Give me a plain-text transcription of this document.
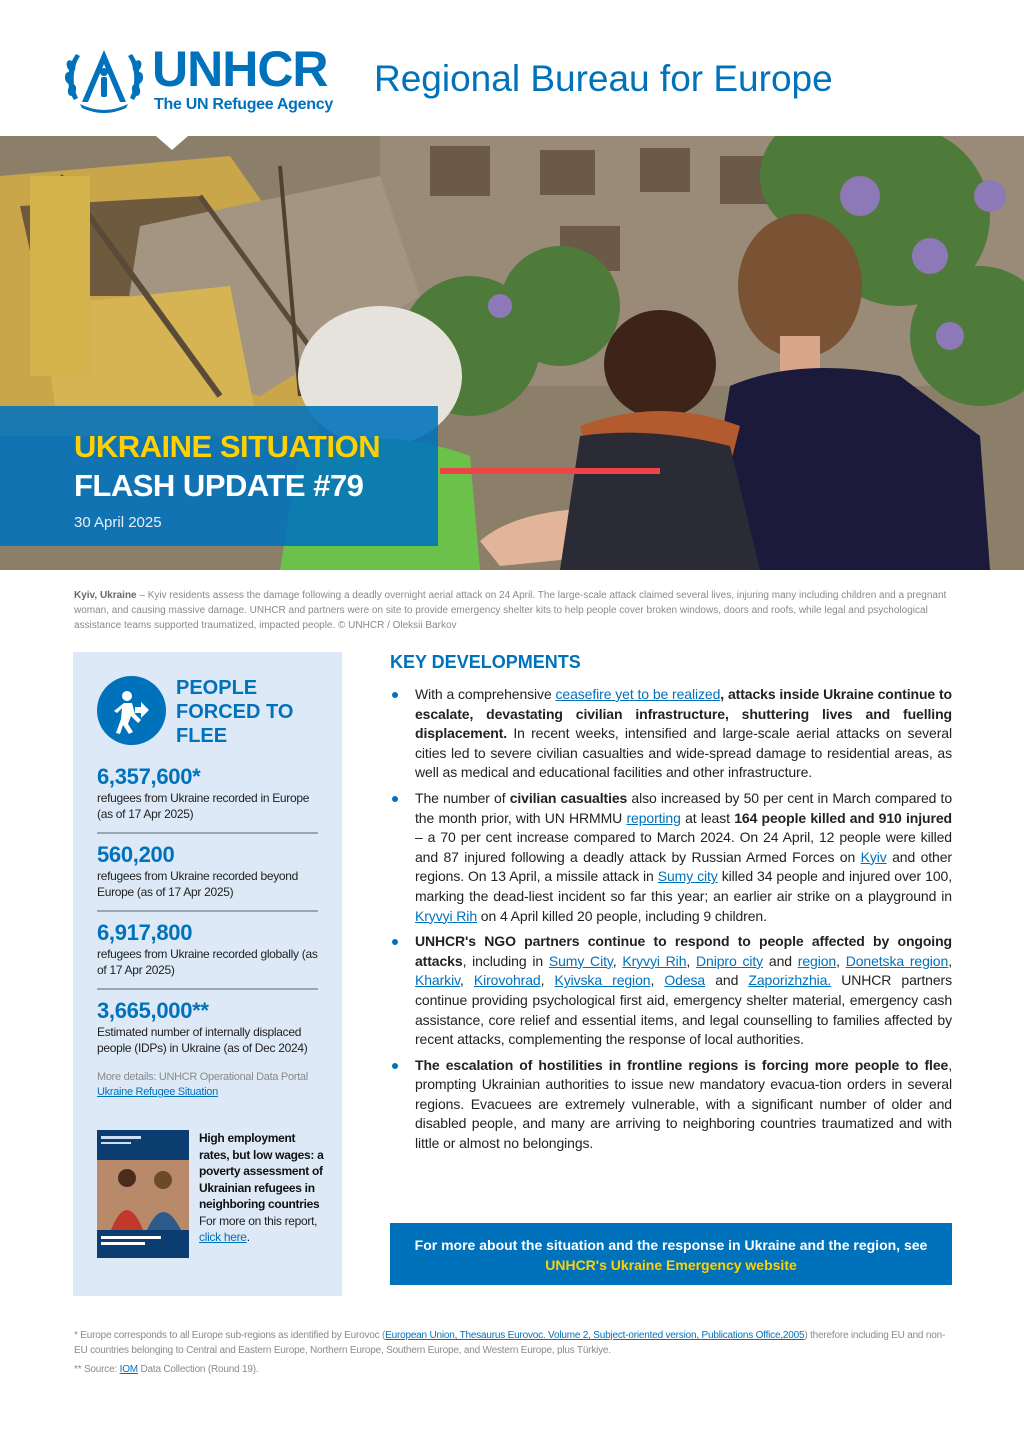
UNHCR
The UN Refugee Agency
Regional Bureau for Europe
UKRAINE SITUATION
FLASH UPDATE #79
30 April 2025
Kyiv, Ukraine – Kyiv residents assess the damage following a deadly overnight aerial attack on 24 April. The large-scale attack claimed several lives, injuring many including children and a pregnant woman, and causing massive damage. UNHCR and partners were on site to provide emergency shelter kits to help people cover broken windows, doors and roofs, while legal and psychological assistance teams supported traumatized, impacted people. © UNHCR / Oleksii Barkov
PEOPLE FORCED TO FLEE
6,357,600*
refugees from Ukraine recorded in Europe (as of 17 Apr 2025)
560,200
refugees from Ukraine recorded beyond Europe (as of 17 Apr 2025)
6,917,800
refugees from Ukraine recorded globally (as of 17 Apr 2025)
3,665,000**
Estimated number of internally displaced people (IDPs) in Ukraine (as of Dec 2024)
More details: UNHCR Operational Data Portal Ukraine Refugee Situation
High employment rates, but low wages: a poverty assessment of Ukrainian refugees in neighboring countries
For more on this report, click here.
KEY DEVELOPMENTS
With a comprehensive ceasefire yet to be realized, attacks inside Ukraine continue to escalate, devastating civilian infrastructure, shuttering lives and fuelling displacement. In recent weeks, intensified and large-scale aerial attacks on several cities led to severe civilian casualties and wide-spread damage to residential areas, as well as medical and educational facilities and other infrastructure.
The number of civilian casualties also increased by 50 per cent in March compared to the month prior, with UN HRMMU reporting at least 164 people killed and 910 injured – a 70 per cent increase compared to March 2024. On 24 April, 12 people were killed and 87 injured following a deadly attack by Russian Armed Forces on Kyiv and other regions. On 13 April, a missile attack in Sumy city killed 34 people and injured over 100, marking the dead-liest incident so far this year; an earlier air strike on a playground in Kryvyi Rih on 4 April killed 20 people, including 9 children.
UNHCR's NGO partners continue to respond to people affected by ongoing attacks, including in Sumy City, Kryvyi Rih, Dnipro city and region, Donetska region, Kharkiv, Kirovohrad, Kyivska region, Odesa and Zaporizhzhia. UNHCR partners continue providing psychological first aid, emergency shelter material, emergency cash assistance, core relief and essential items, and legal counselling to families affected by recent attacks, complementing the response of local authorities.
The escalation of hostilities in frontline regions is forcing more people to flee, prompting Ukrainian authorities to issue new mandatory evacua-tion orders in several regions. Evacuees are extremely vulnerable, with a significant number of older and disabled people, and many are arriving to neighboring countries traumatized and with little or almost no belongings.
For more about the situation and the response in Ukraine and the region, see UNHCR's Ukraine Emergency website
* Europe corresponds to all Europe sub-regions as identified by Eurovoc (European Union, Thesaurus Eurovoc. Volume 2, Subject-oriented version, Publications Office,2005) therefore including EU and non-EU countries belonging to Central and Eastern Europe, Northern Europe, Southern Europe, and Western Europe, plus Türkiye.
** Source: IOM Data Collection (Round 19).
